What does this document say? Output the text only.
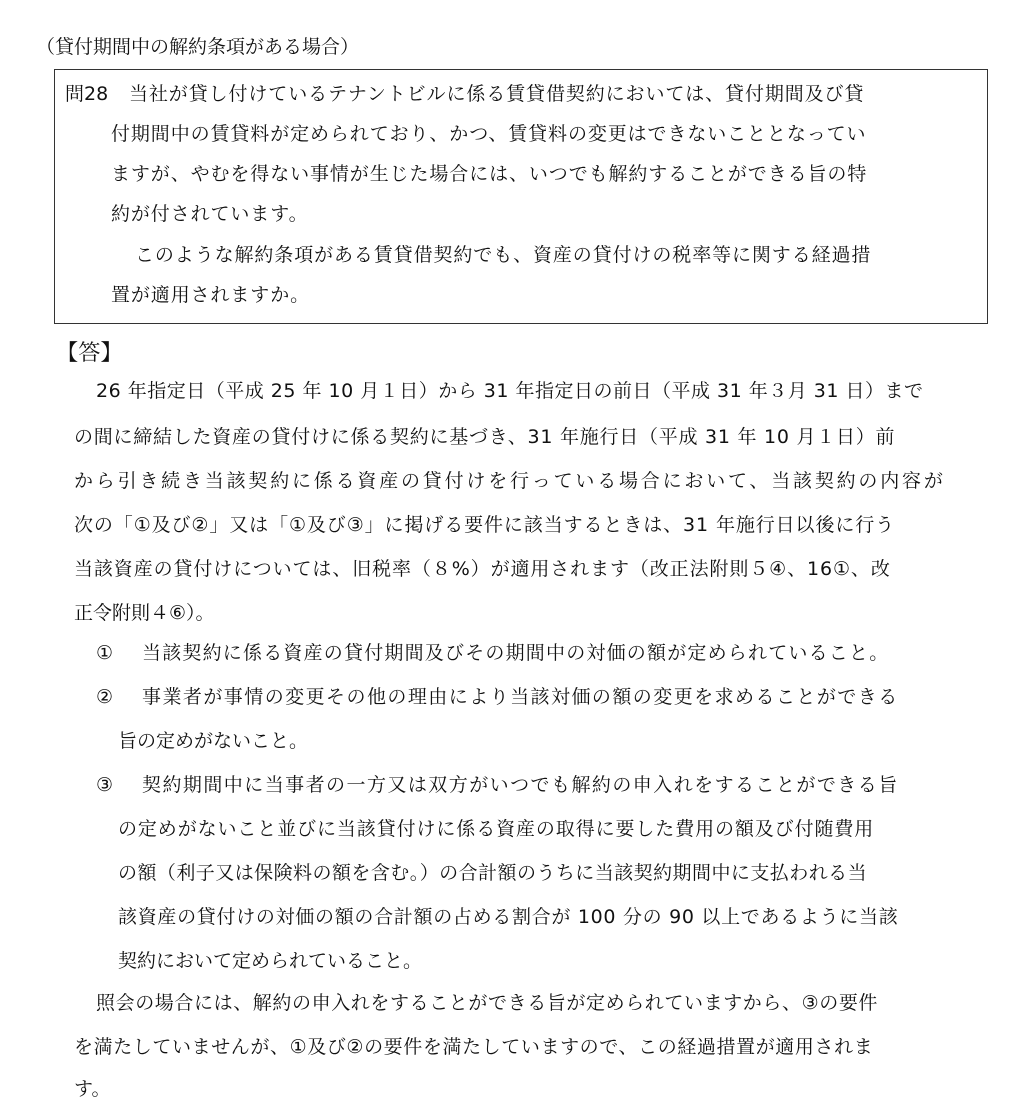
（貸付期間中の解約条項がある場合）

問28 当社が貸し付けているテナントビルに係る賃貸借契約においては、貸付期間及び貸

付期間中の賃貸料が定められており、かつ、賃貸料の変更はできないこととなってい

ますが、やむを得ない事情が生じた場合には、いつでも解約することができる旨の特

約が付されています。

このような解約条項がある賃貸借契約でも、資産の貸付けの税率等に関する経過措

置が適用されますか。

【答】

26 年指定日（平成 25 年 10 月１日）から 31 年指定日の前日（平成 31 年３月 31 日）まで

の間に締結した資産の貸付けに係る契約に基づき、31 年施行日（平成 31 年 10 月１日）前

から引き続き当該契約に係る資産の貸付けを行っている場合において、当該契約の内容が

次の「①及び②」又は「①及び③」に掲げる要件に該当するときは、31 年施行日以後に行う

当該資産の貸付けについては、旧税率（８%）が適用されます（改正法附則５④、16①、改

正令附則４⑥）。

① 当該契約に係る資産の貸付期間及びその期間中の対価の額が定められていること。

② 事業者が事情の変更その他の理由により当該対価の額の変更を求めることができる

旨の定めがないこと。

③ 契約期間中に当事者の一方又は双方がいつでも解約の申入れをすることができる旨

の定めがないこと並びに当該貸付けに係る資産の取得に要した費用の額及び付随費用

の額（利子又は保険料の額を含む。）の合計額のうちに当該契約期間中に支払われる当

該資産の貸付けの対価の額の合計額の占める割合が 100 分の 90 以上であるように当該

契約において定められていること。

照会の場合には、解約の申入れをすることができる旨が定められていますから、③の要件

を満たしていませんが、①及び②の要件を満たしていますので、この経過措置が適用されま

す。
